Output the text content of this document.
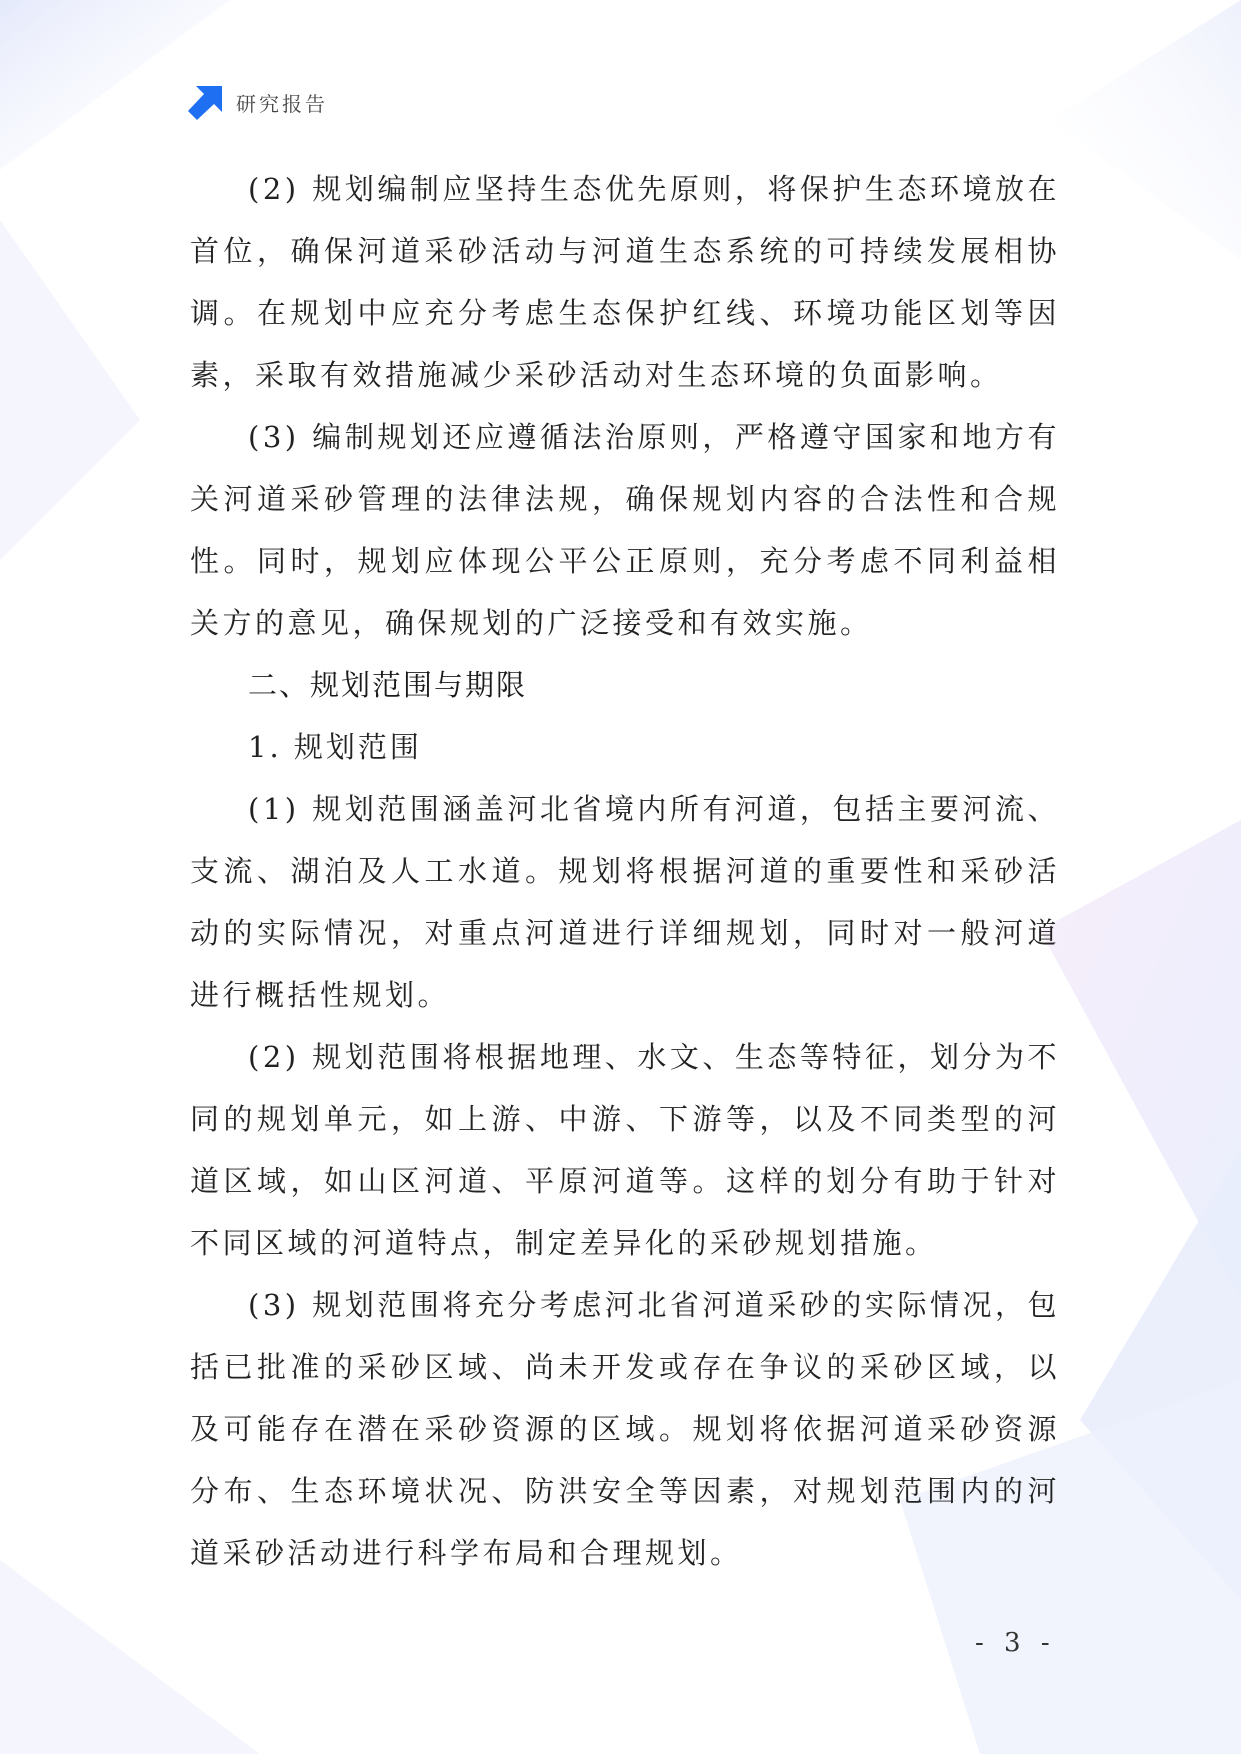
研究报告

(2) 规划编制应坚持生态优先原则，将保护生态环境放在首位，确保河道采砂活动与河道生态系统的可持续发展相协调。在规划中应充分考虑生态保护红线、环境功能区划等因素，采取有效措施减少采砂活动对生态环境的负面影响。

(3) 编制规划还应遵循法治原则，严格遵守国家和地方有关河道采砂管理的法律法规，确保规划内容的合法性和合规性。同时，规划应体现公平公正原则，充分考虑不同利益相关方的意见，确保规划的广泛接受和有效实施。

二、规划范围与期限

1. 规划范围

(1) 规划范围涵盖河北省境内所有河道，包括主要河流、支流、湖泊及人工水道。规划将根据河道的重要性和采砂活动的实际情况，对重点河道进行详细规划，同时对一般河道进行概括性规划。

(2) 规划范围将根据地理、水文、生态等特征，划分为不同的规划单元，如上游、中游、下游等，以及不同类型的河道区域，如山区河道、平原河道等。这样的划分有助于针对不同区域的河道特点，制定差异化的采砂规划措施。

(3) 规划范围将充分考虑河北省河道采砂的实际情况，包括已批准的采砂区域、尚未开发或存在争议的采砂区域，以及可能存在潜在采砂资源的区域。规划将依据河道采砂资源分布、生态环境状况、防洪安全等因素，对规划范围内的河道采砂活动进行科学布局和合理规划。

- 3 -
